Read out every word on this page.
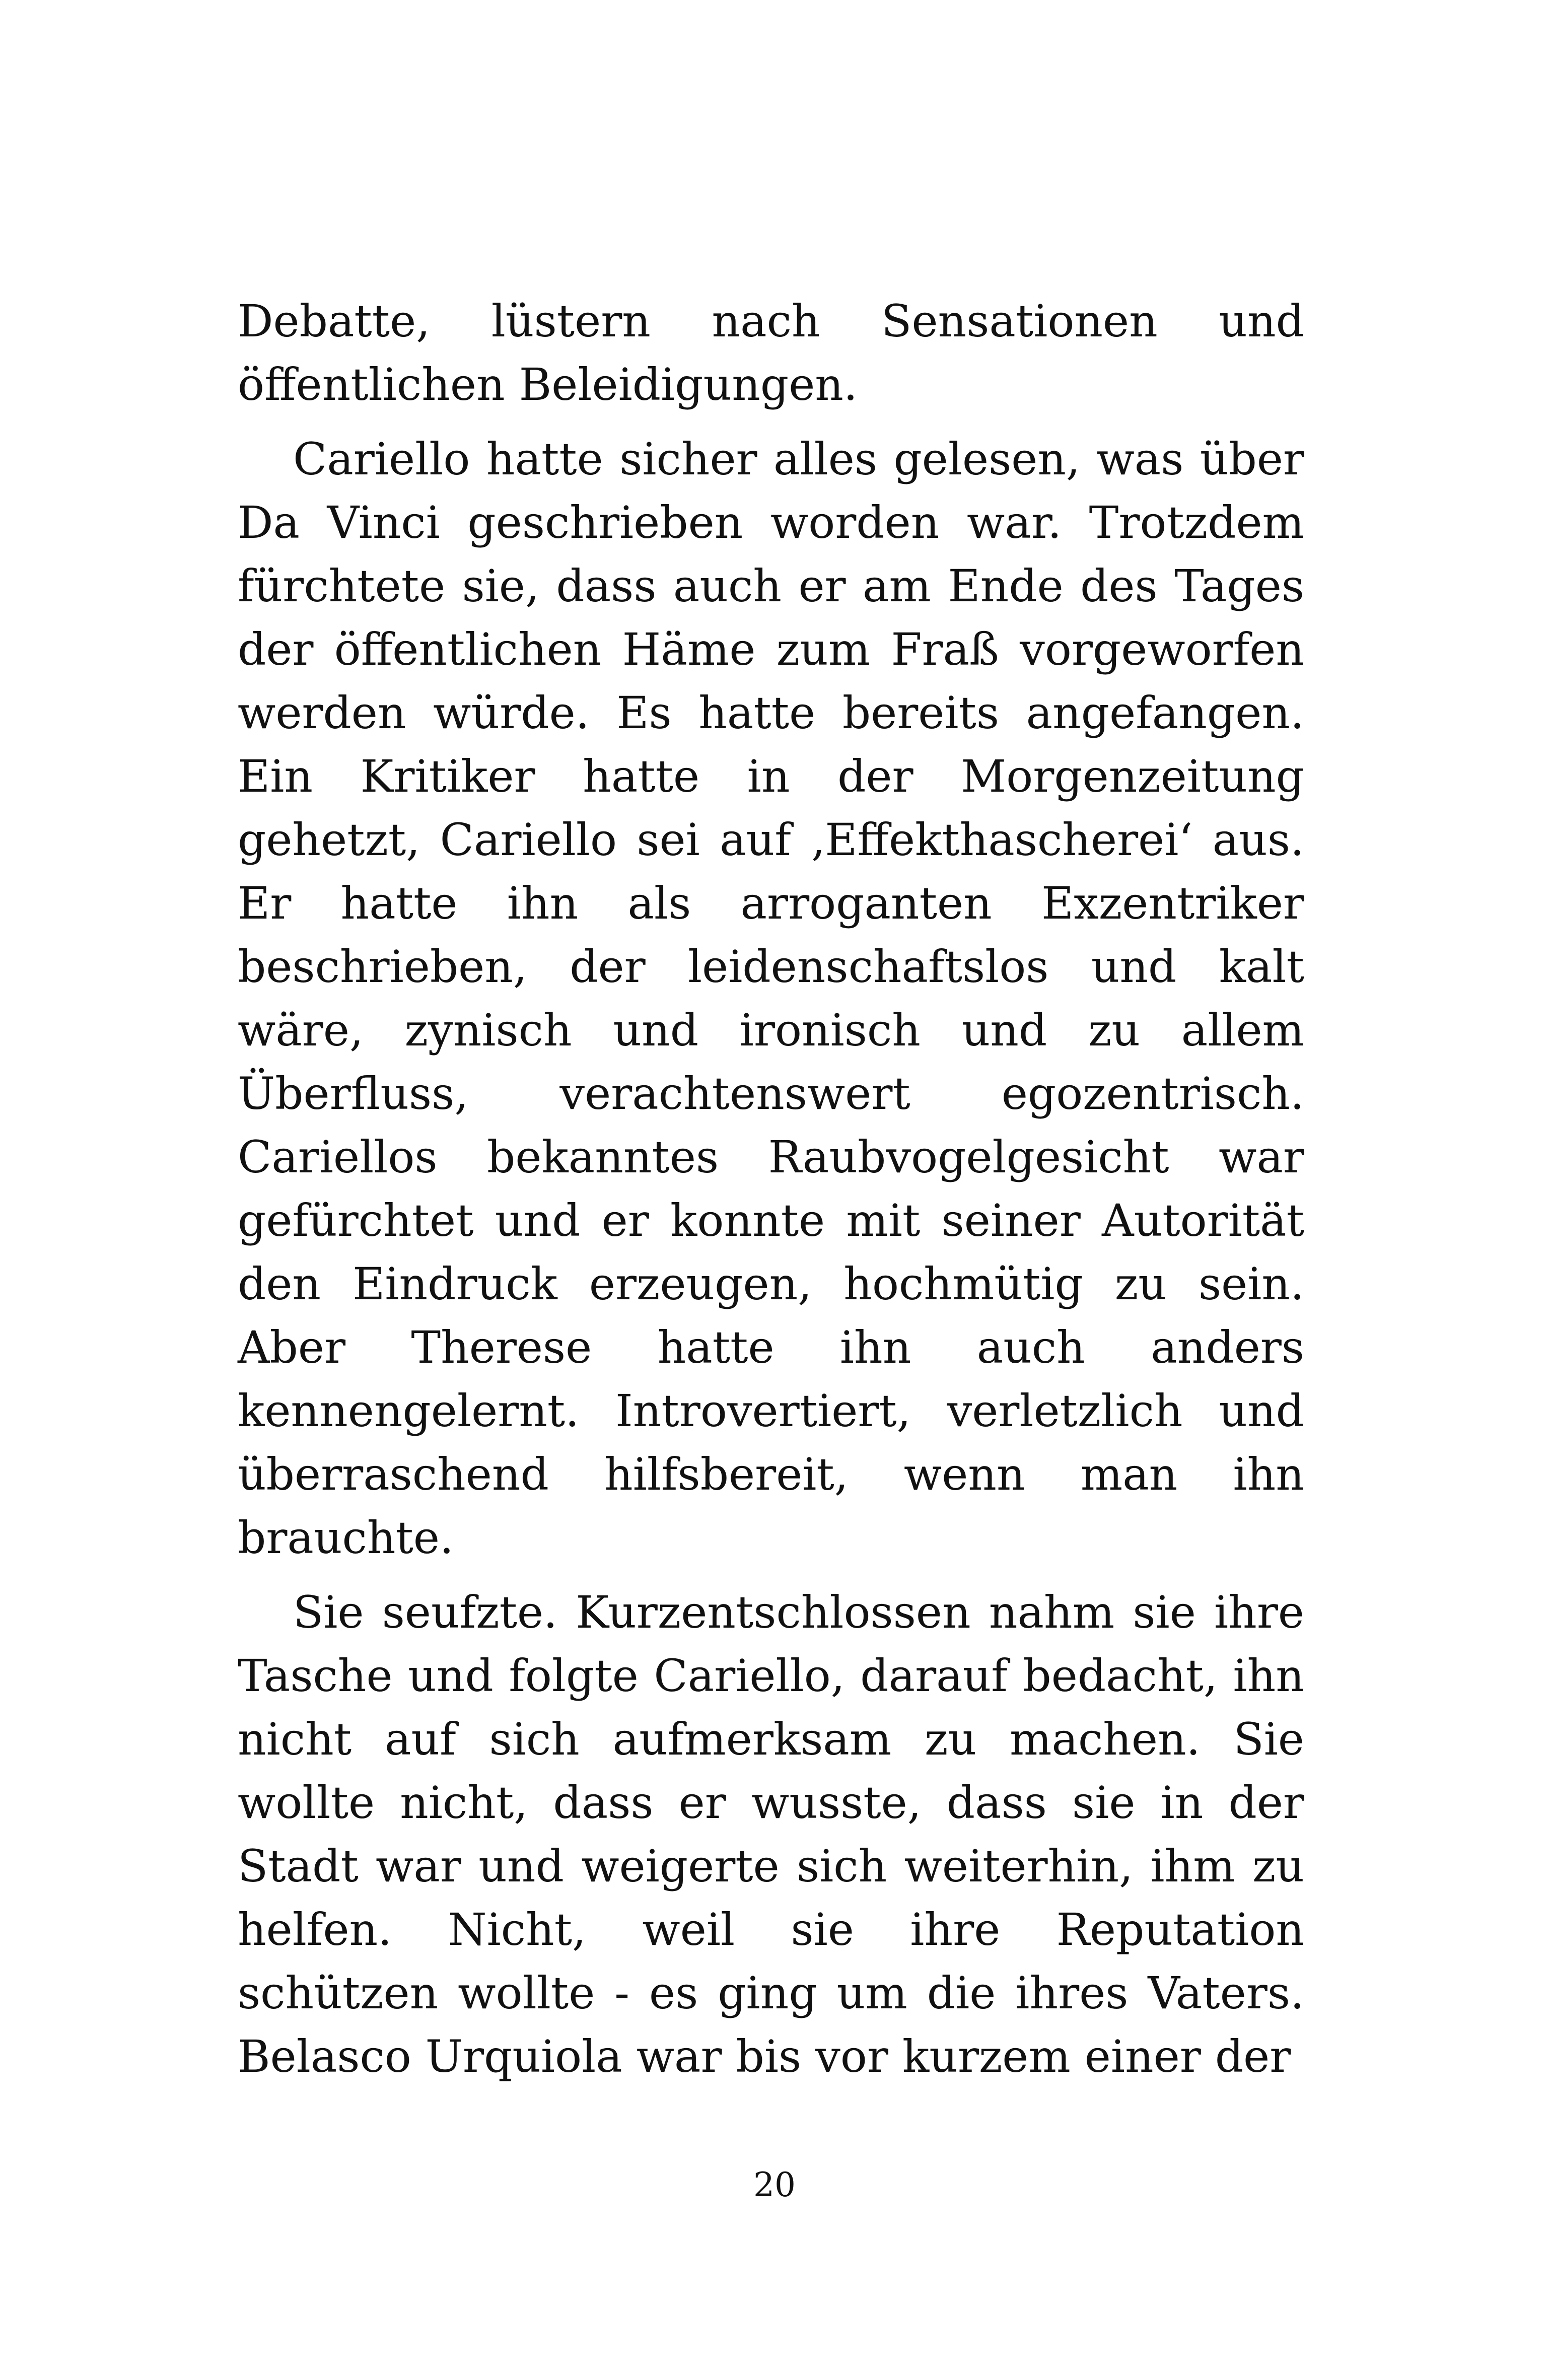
Debatte, lüstern nach Sensationen und öffentlichen Beleidigungen.

Cariello hatte sicher alles gelesen, was über Da Vinci geschrieben worden war. Trotzdem fürchtete sie, dass auch er am Ende des Tages der öffentlichen Häme zum Fraß vorgeworfen werden würde. Es hatte bereits angefangen. Ein Kritiker hatte in der Morgenzeitung gehetzt, Cariello sei auf ‚Effekthascherei‘ aus. Er hatte ihn als arroganten Exzentriker beschrieben, der leidenschaftslos und kalt wäre, zynisch und ironisch und zu allem Überfluss, verachtenswert egozentrisch. Cariellos bekanntes Raubvogelgesicht war gefürchtet und er konnte mit seiner Autorität den Eindruck erzeugen, hochmütig zu sein. Aber Therese hatte ihn auch anders kennengelernt. Introvertiert, verletzlich und überraschend hilfsbereit, wenn man ihn brauchte.

Sie seufzte. Kurzentschlossen nahm sie ihre Tasche und folgte Cariello, darauf bedacht, ihn nicht auf sich aufmerksam zu machen. Sie wollte nicht, dass er wusste, dass sie in der Stadt war und weigerte sich weiterhin, ihm zu helfen. Nicht, weil sie ihre Reputation schützen wollte - es ging um die ihres Vaters. Belasco Urquiola war bis vor kurzem einer der

20
